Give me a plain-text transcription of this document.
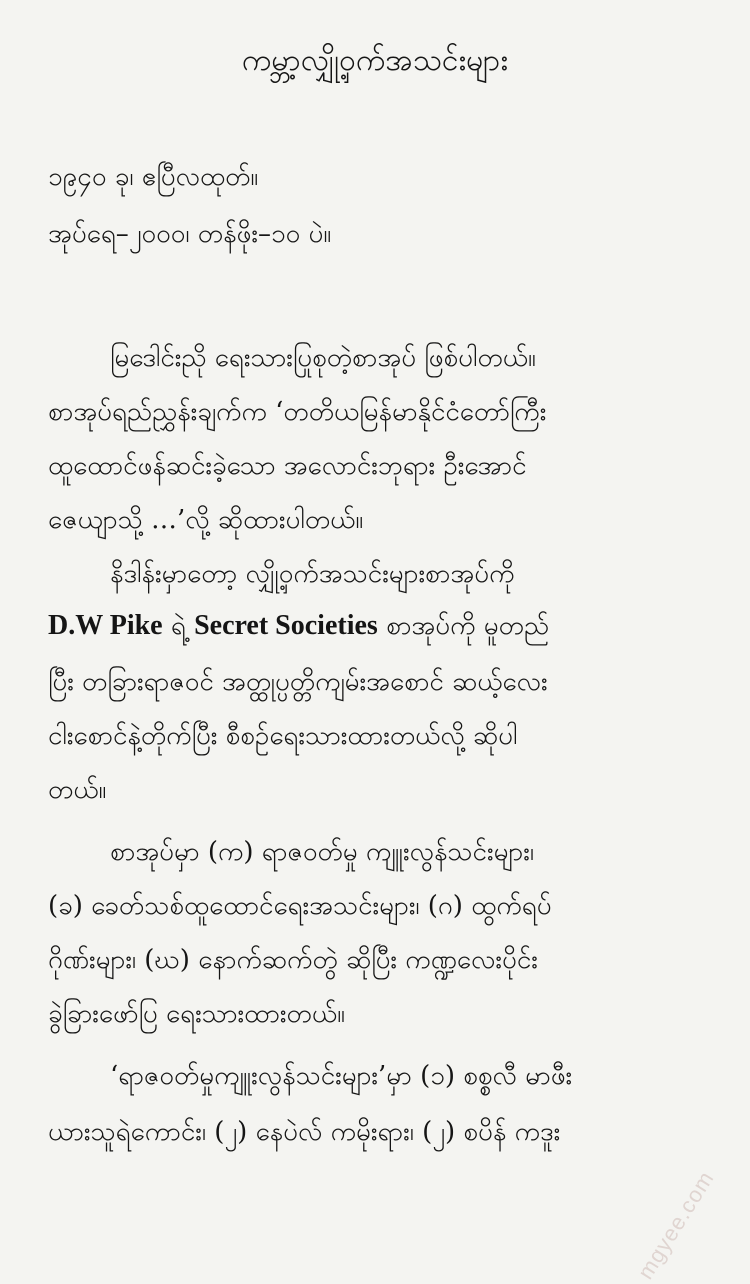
ကမ္ဘာ့လျှို့ဝှက်အသင်းများ
၁၉၄၀ ခု၊ ဧပြီလထုတ်။
အုပ်ရေ–၂၀၀၀၊ တန်ဖိုး–၁၀ ပဲ။
မြဒေါင်းညို ရေးသားပြုစုတဲ့စာအုပ် ဖြစ်ပါတယ်။
စာအုပ်ရည်ညွှန်းချက်က ‘တတိယမြန်မာနိုင်ငံတော်ကြီး
ထူထောင်ဖန်ဆင်းခဲ့သော အလောင်းဘုရား ဦးအောင်
ဇေယျာသို့ …’လို့ ဆိုထားပါတယ်။
နိဒါန်းမှာတော့ လျှို့ဝှက်အသင်းများစာအုပ်ကို
D.W Pike ရဲ့ Secret Societies စာအုပ်ကို မူတည်
ပြီး တခြားရာဇဝင် အတ္ထုပ္ပတ္တိကျမ်းအစောင် ဆယ့်လေး
ငါးစောင်နဲ့တိုက်ပြီး စီစဉ်ရေးသားထားတယ်လို့ ဆိုပါ
တယ်။
စာအုပ်မှာ (က) ရာဇဝတ်မှု ကျူးလွန်သင်းများ၊
(ခ) ခေတ်သစ်ထူထောင်ရေးအသင်းများ၊ (ဂ) ထွက်ရပ်
ဂိုဏ်းများ၊ (ဃ) နောက်ဆက်တွဲ ဆိုပြီး ကဏ္ဍလေးပိုင်း
ခွဲခြားဖော်ပြ ရေးသားထားတယ်။
‘ရာဇဝတ်မှုကျူးလွန်သင်းများ’မှာ (၁) စစ္စလီ မာဖီး
ယားသူရဲကောင်း၊ (၂) နေပဲလ် ကမိုးရား၊ (၂) စပိန် ကဒူး
mgyee.com
